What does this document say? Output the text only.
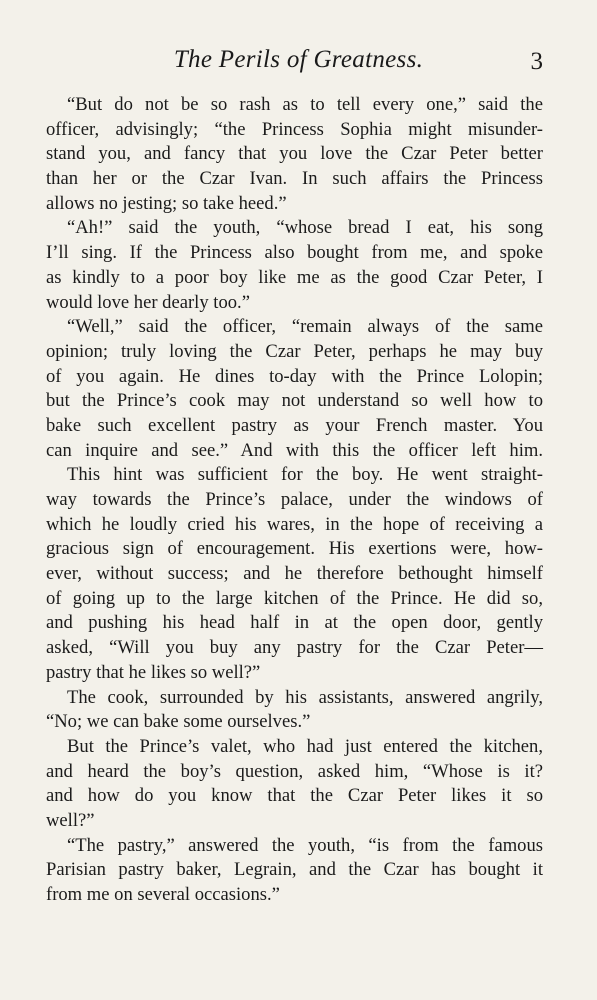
The Perils of Greatness.	3
“But do not be so rash as to tell every one,” said the
officer, advisingly; “the Princess Sophia might misunder-
stand you, and fancy that you love the Czar Peter better
than her or the Czar Ivan. In such affairs the Princess
allows no jesting; so take heed.”
“Ah!” said the youth, “whose bread I eat, his song
I’ll sing. If the Princess also bought from me, and spoke
as kindly to a poor boy like me as the good Czar Peter, I
would love her dearly too.”
“Well,” said the officer, “remain always of the same
opinion; truly loving the Czar Peter, perhaps he may buy
of you again. He dines to-day with the Prince Lolopin;
but the Prince’s cook may not understand so well how to
bake such excellent pastry as your French master. You
can inquire and see.” And with this the officer left him.
This hint was sufficient for the boy. He went straight-
way towards the Prince’s palace, under the windows of
which he loudly cried his wares, in the hope of receiving a
gracious sign of encouragement. His exertions were, how-
ever, without success; and he therefore bethought himself
of going up to the large kitchen of the Prince. He did so,
and pushing his head half in at the open door, gently
asked, “Will you buy any pastry for the Czar Peter—
pastry that he likes so well?”
The cook, surrounded by his assistants, answered angrily,
“No; we can bake some ourselves.”
But the Prince’s valet, who had just entered the kitchen,
and heard the boy’s question, asked him, “Whose is it?
and how do you know that the Czar Peter likes it so
well?”
“The pastry,” answered the youth, “is from the famous
Parisian pastry baker, Legrain, and the Czar has bought it
from me on several occasions.”
